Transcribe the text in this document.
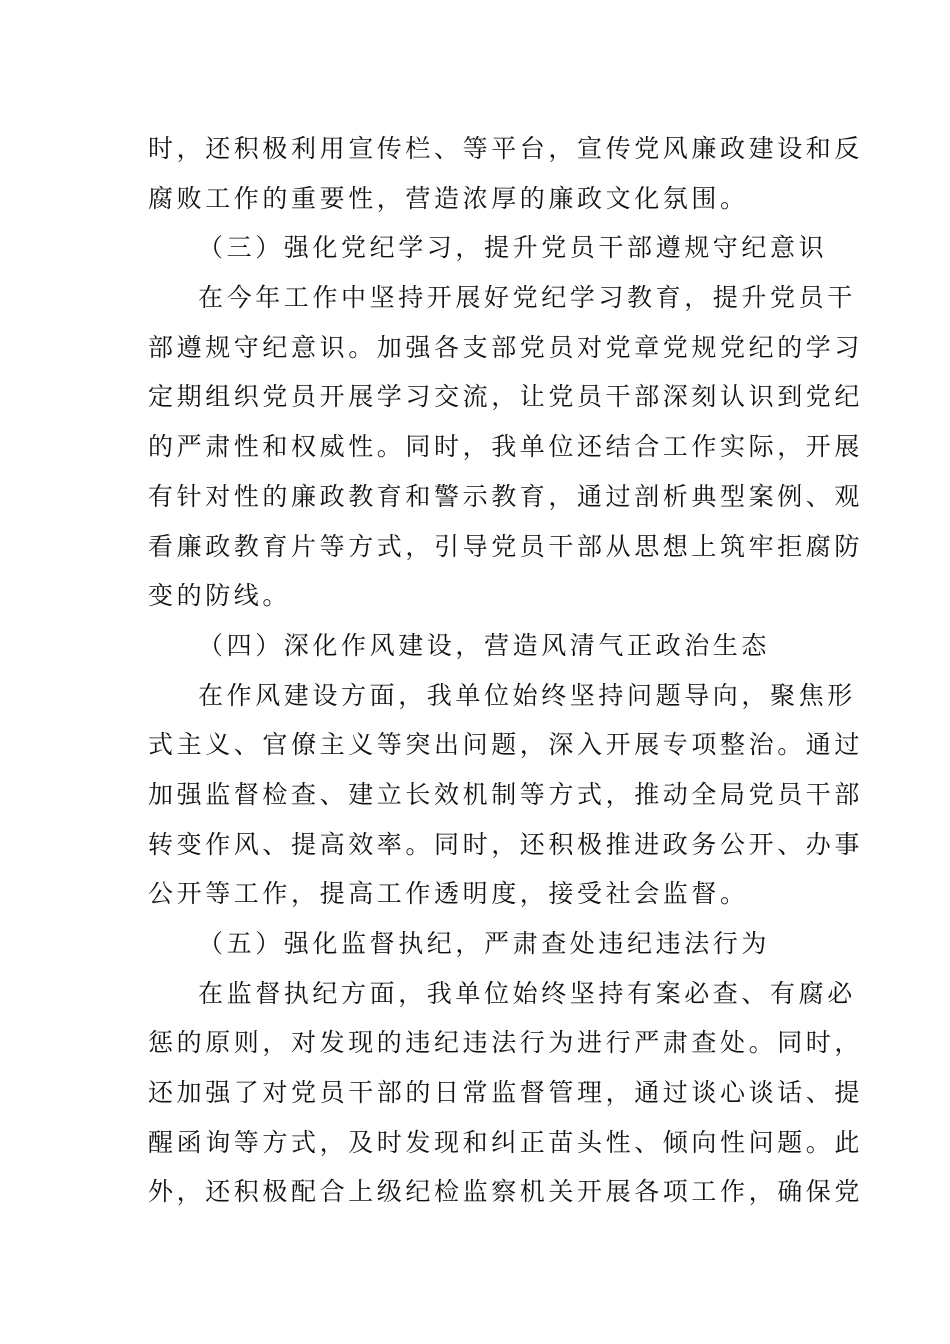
时，还积极利用宣传栏、等平台，宣传党风廉政建设和反
腐败工作的重要性，营造浓厚的廉政文化氛围。
（三）强化党纪学习，提升党员干部遵规守纪意识
在今年工作中坚持开展好党纪学习教育，提升党员干
部遵规守纪意识。加强各支部党员对党章党规党纪的学习
定期组织党员开展学习交流，让党员干部深刻认识到党纪
的严肃性和权威性。同时，我单位还结合工作实际，开展
有针对性的廉政教育和警示教育，通过剖析典型案例、观
看廉政教育片等方式，引导党员干部从思想上筑牢拒腐防
变的防线。
（四）深化作风建设，营造风清气正政治生态
在作风建设方面，我单位始终坚持问题导向，聚焦形
式主义、官僚主义等突出问题，深入开展专项整治。通过
加强监督检查、建立长效机制等方式，推动全局党员干部
转变作风、提高效率。同时，还积极推进政务公开、办事
公开等工作，提高工作透明度，接受社会监督。
（五）强化监督执纪，严肃查处违纪违法行为
在监督执纪方面，我单位始终坚持有案必查、有腐必
惩的原则，对发现的违纪违法行为进行严肃查处。同时，
还加强了对党员干部的日常监督管理，通过谈心谈话、提
醒函询等方式，及时发现和纠正苗头性、倾向性问题。此
外，还积极配合上级纪检监察机关开展各项工作，确保党
